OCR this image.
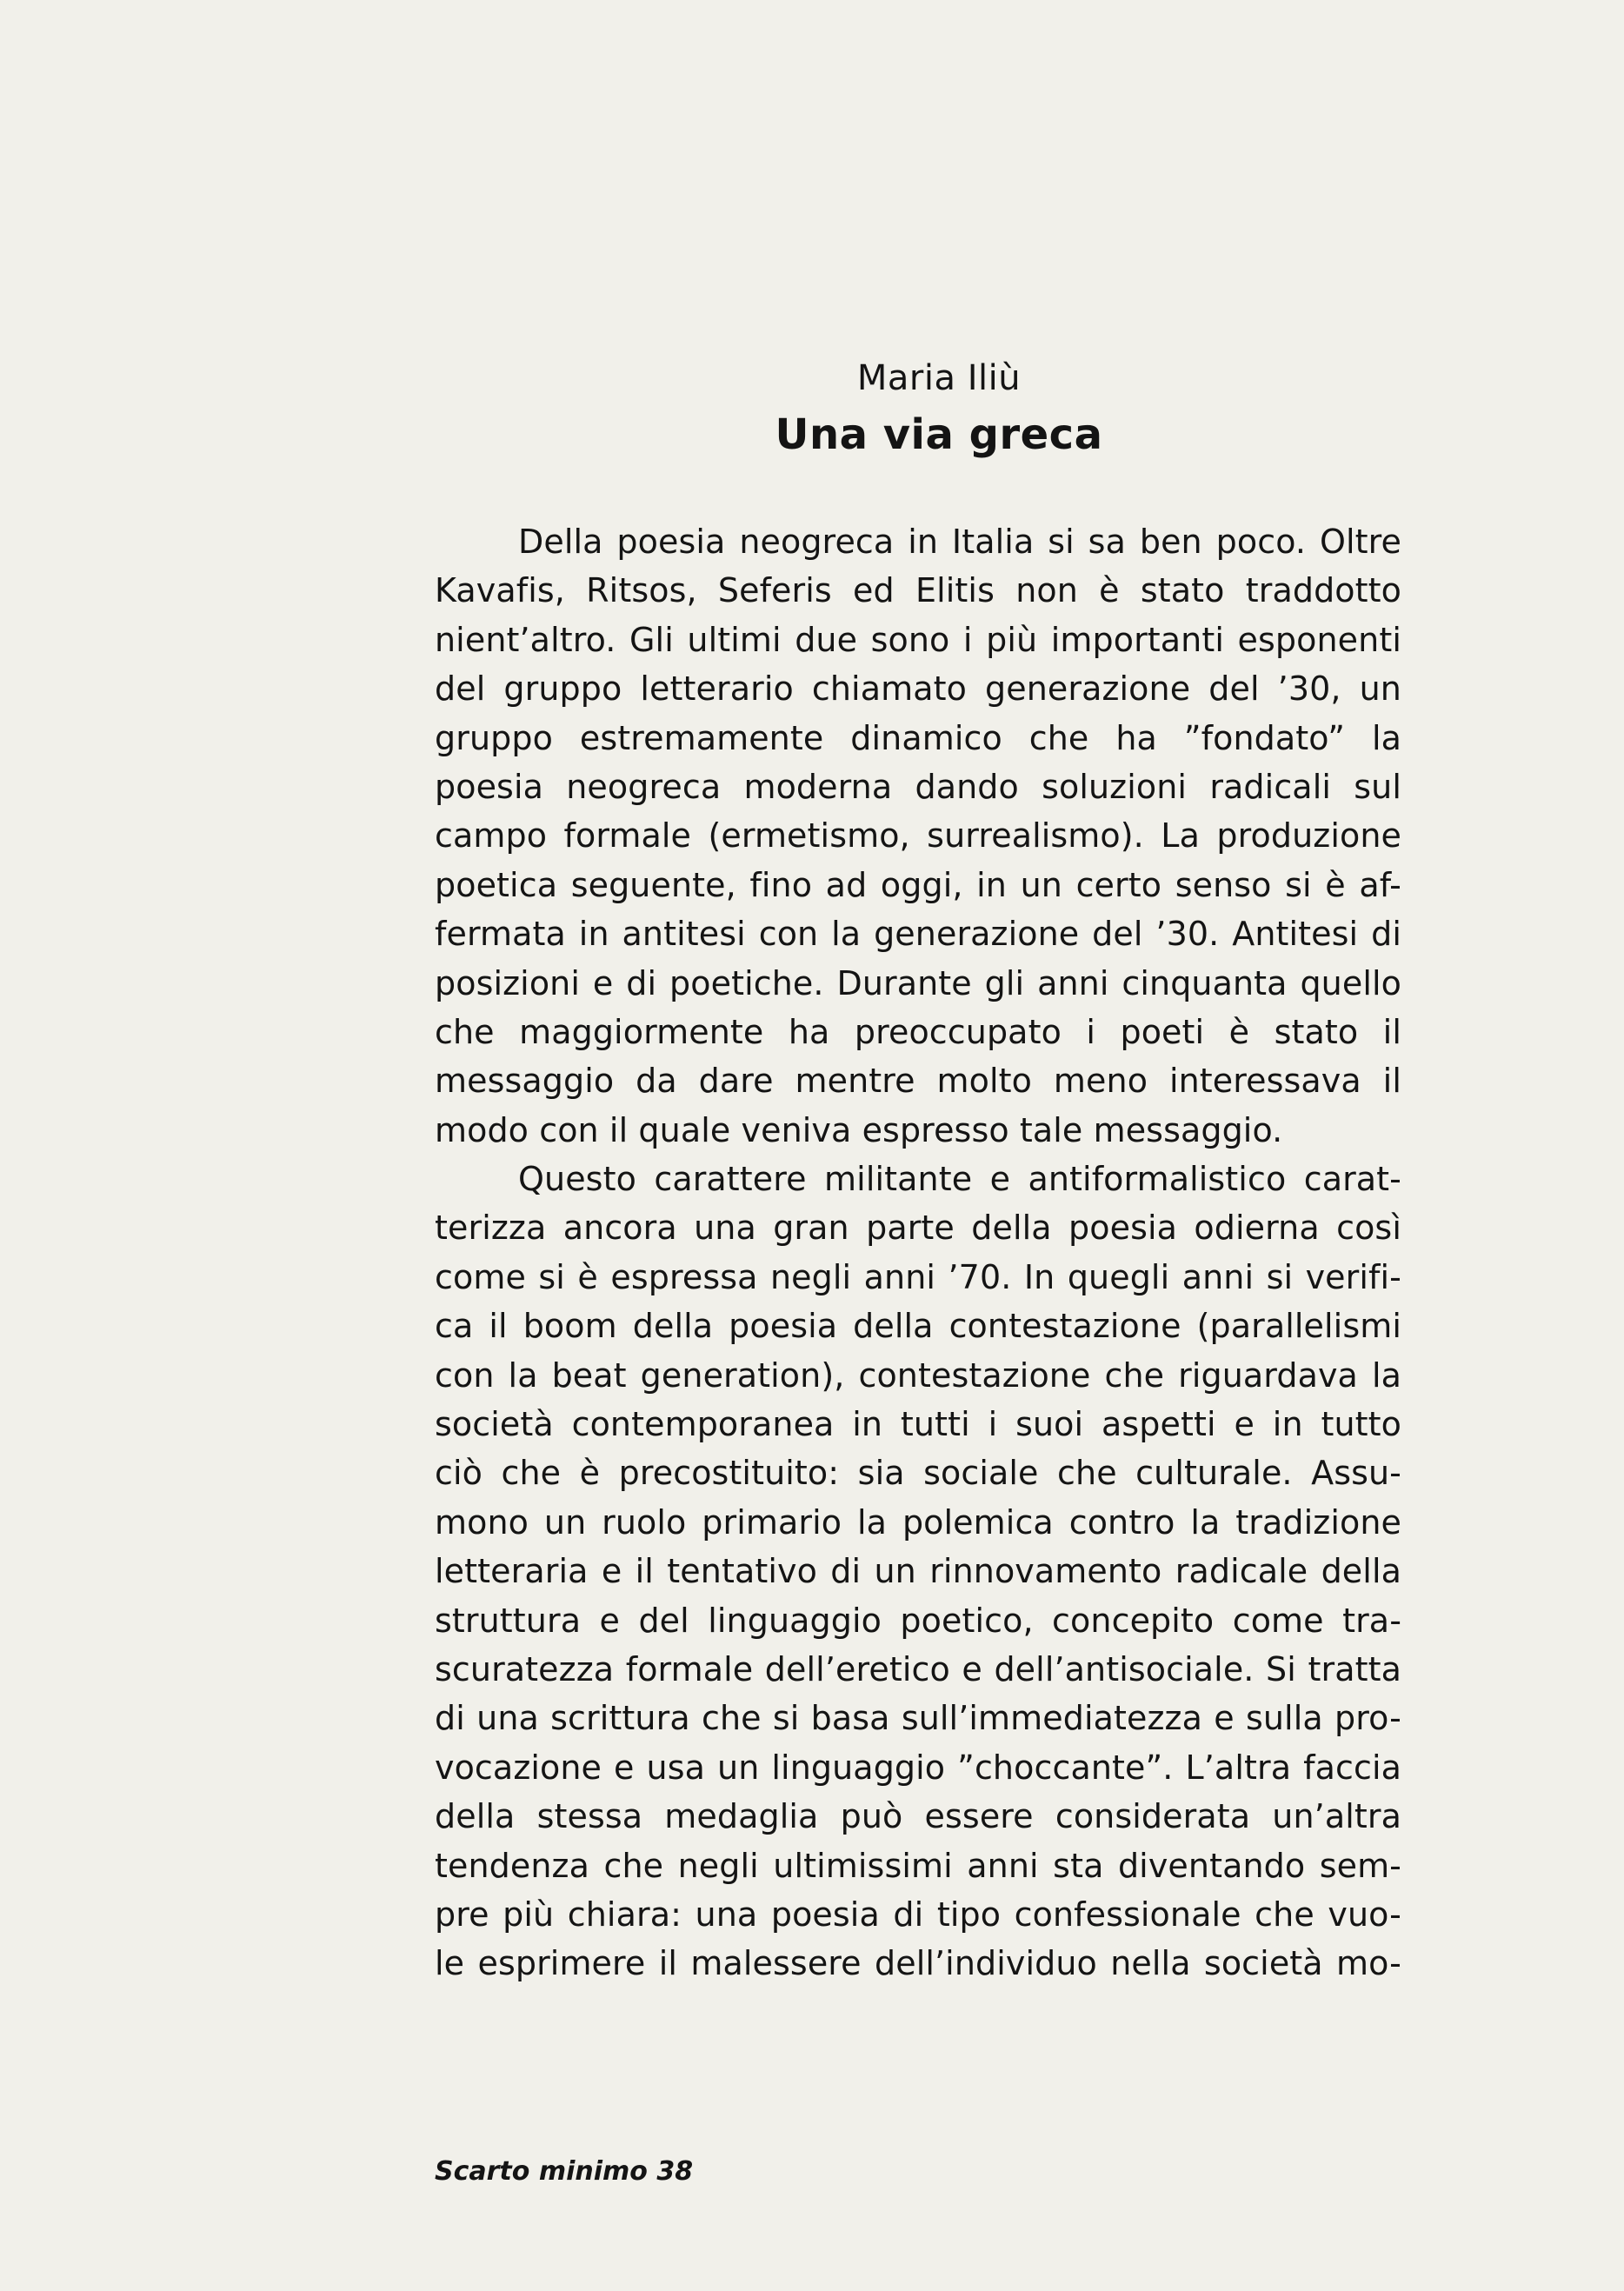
Maria Iliù
Una via greca
Della poesia neogreca in Italia si sa ben poco. Oltre
Kavafis, Ritsos, Seferis ed Elitis non è stato traddotto
nient’altro. Gli ultimi due sono i più importanti esponenti
del gruppo letterario chiamato generazione del ’30, un
gruppo estremamente dinamico che ha ”fondato” la
poesia neogreca moderna dando soluzioni radicali sul
campo formale (ermetismo, surrealismo). La produzione
poetica seguente, fino ad oggi, in un certo senso si è af-
fermata in antitesi con la generazione del ’30. Antitesi di
posizioni e di poetiche. Durante gli anni cinquanta quello
che maggiormente ha preoccupato i poeti è stato il
messaggio da dare mentre molto meno interessava il
modo con il quale veniva espresso tale messaggio.
Questo carattere militante e antiformalistico carat-
terizza ancora una gran parte della poesia odierna così
come si è espressa negli anni ’70. In quegli anni si verifi-
ca il boom della poesia della contestazione (parallelismi
con la beat generation), contestazione che riguardava la
società contemporanea in tutti i suoi aspetti e in tutto
ciò che è precostituito: sia sociale che culturale. Assu-
mono un ruolo primario la polemica contro la tradizione
letteraria e il tentativo di un rinnovamento radicale della
struttura e del linguaggio poetico, concepito come tra-
scuratezza formale dell’eretico e dell’antisociale. Si tratta
di una scrittura che si basa sull’immediatezza e sulla pro-
vocazione e usa un linguaggio ”choccante”. L’altra faccia
della stessa medaglia può essere considerata un’altra
tendenza che negli ultimissimi anni sta diventando sem-
pre più chiara: una poesia di tipo confessionale che vuo-
le esprimere il malessere dell’individuo nella società mo-
Scarto minimo 38
